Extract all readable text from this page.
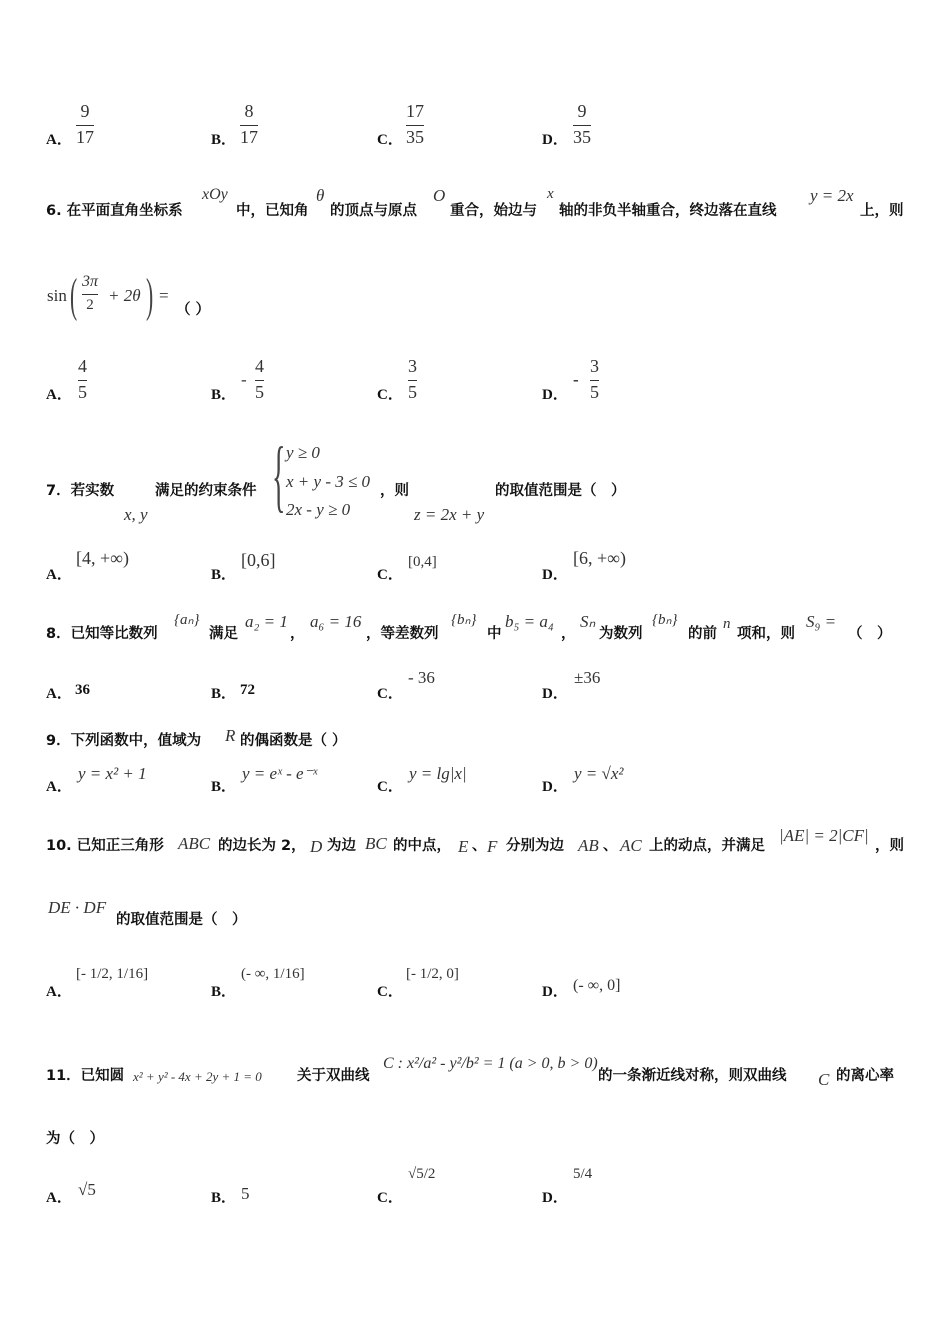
A．
9
17	B．
8
17	C．
17
35	D．
9
35
6. 在平面直角坐标系
xOy
中，已知角
θ
的顶点与原点
O
重合，始边与
x
轴的非负半轴重合，终边落在直线
y = 2x
上，则
sin ( 3π
2 + 2θ ) =
（ ）
A．
4
5	B．
-
4
5	C．
3
5	D．
-
3
5
7．若实数
x, y
满足的约束条件 { y ≥ 0
x + y - 3 ≤ 0
2x - y ≥ 0
，则
z = 2x + y
的取值范围是（　）
A．
[4, +∞)
B．
[0,6]
C．
[0,4]
D．
[6, +∞)
8．已知等比数列
{aₙ}
满足
a₂ = 1
，
a₆ = 16
，等差数列
{bₙ}
中
b₅ = a₄
，
Sₙ
为数列
{bₙ}
的前
n
项和，则
S₉ =
（　）
A． 36	B． 72	C．
- 36
D．
±36
9．下列函数中，值域为 R 的偶函数是（ ）
A．
y = x² + 1
B．
y = eˣ - e⁻ˣ
C．
y = lg|x|
D．
y = √x²
10. 已知正三角形 ABC 的边长为 2， D 为边 BC 的中点， E 、 F 分别为边 AB 、 AC 上的动点，并满足
|AE| = 2|CF|
，则
DE · DF
的取值范围是（　）
A．
[- 1/2, 1/16]
B．
(- ∞, 1/16]
C．
[- 1/2, 0]
D． (- ∞, 0]
11．已知圆 x² + y² - 4x + 2y + 1 = 0 关于双曲线
C : x²/a² - y²/b² = 1 (a > 0, b > 0)
的一条渐近线对称，则双曲线 C 的离心率
为（　）
A． √5	B． 5	C．
√5/2
D．
5/4
